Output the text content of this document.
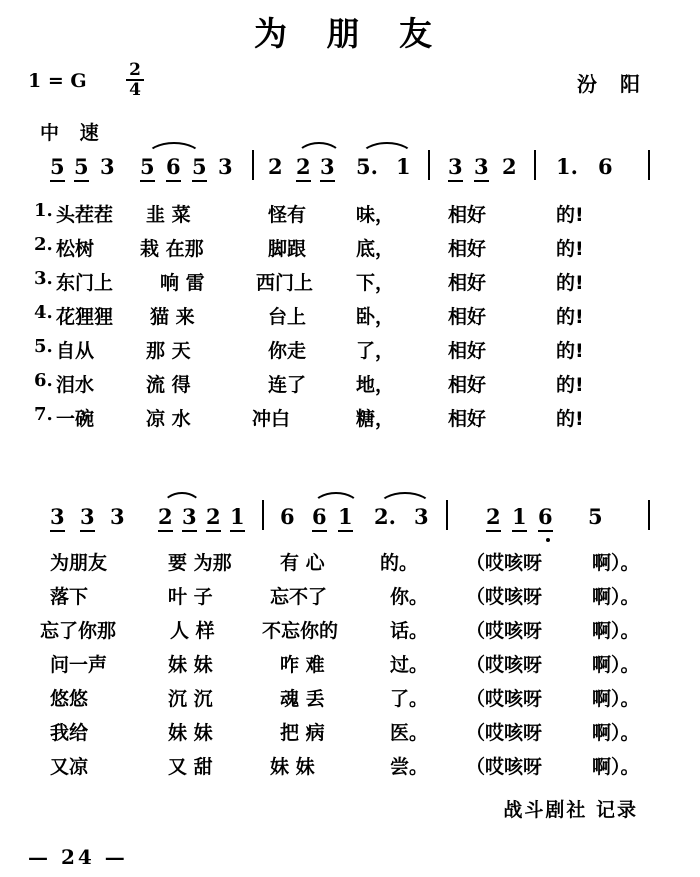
为 朋 友
1 = G	2
4	汾 阳
中 速
5 5 3 5 6 5 3 2 2 3 5. 1 3 3 2 1. 6
1. 头茬茬 韭 菜	怪有	味，	相好	的!
2. 松树 栽 在那	脚跟	底，	相好	的!
3. 东门上 响 雷	西门上 下，	相好	的!
4. 花狸狸 猫 来	台上	卧，	相好	的!
5. 自从	那 天	你走	了，	相好	的!
6. 泪水	流 得	连了	地，	相好	的!
7. 一碗	凉 水	冲白	糖，	相好	的!
3 3 3 2 3 2 1 6 6 1 2. 3	2 1 6 5
为朋友	要 为那	有 心	的。	（哎咳呀	啊）。
落下	叶 子	忘不了	你。 （哎咳呀	啊）。
忘了你那	人 样 不忘你的	话。 （哎咳呀	啊）。
问一声	妹 妹	咋 难	过。 （哎咳呀	啊）。
悠悠	沉 沉	魂 丢	了。 （哎咳呀	啊）。
我给	妹 妹	把 病	医。 （哎咳呀	啊）。
又凉	又 甜	妹 妹	尝。 （哎咳呀	啊）。
战斗剧社 记录
— 24 —
